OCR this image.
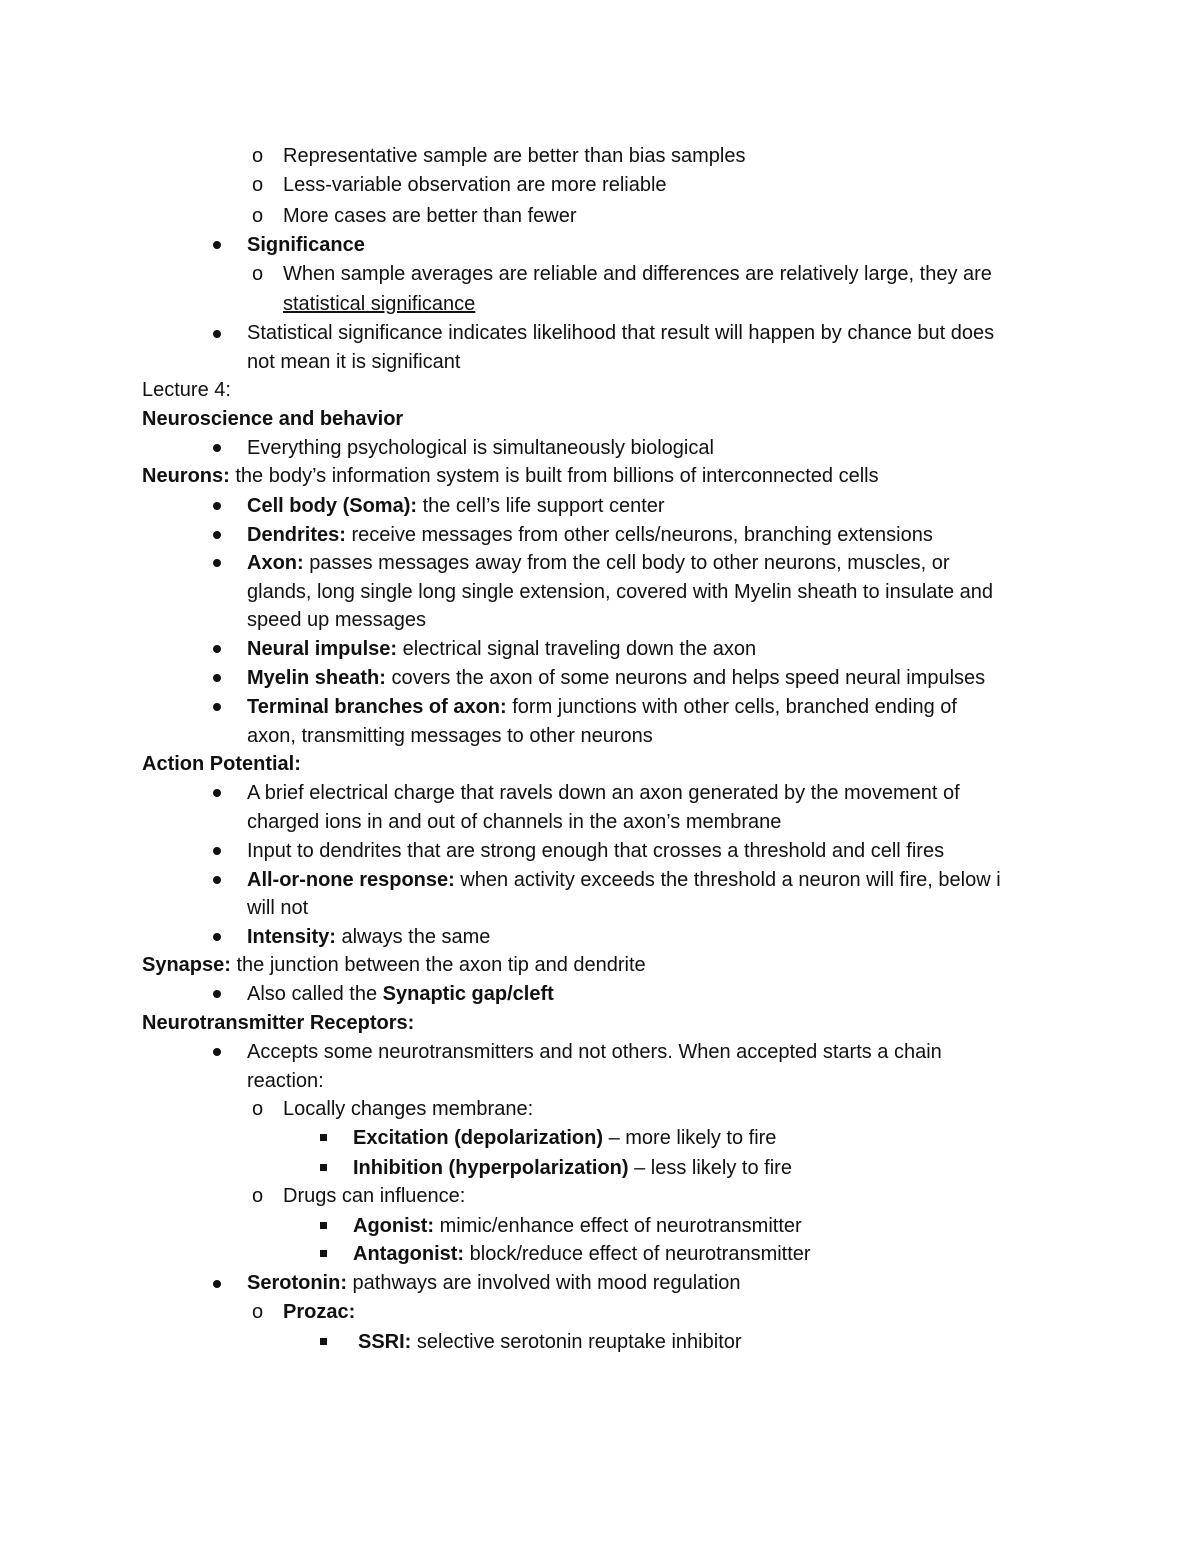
o Representative sample are better than bias samples
o Less-variable observation are more reliable
o More cases are better than fewer
Significance
o When sample averages are reliable and differences are relatively large, they are
statistical significance
Statistical significance indicates likelihood that result will happen by chance but does
not mean it is significant
Lecture 4:
Neuroscience and behavior
Everything psychological is simultaneously biological
Neurons: the body’s information system is built from billions of interconnected cells
Cell body (Soma): the cell’s life support center
Dendrites: receive messages from other cells/neurons, branching extensions
Axon: passes messages away from the cell body to other neurons, muscles, or
glands, long single long single extension, covered with Myelin sheath to insulate and
speed up messages
Neural impulse: electrical signal traveling down the axon
Myelin sheath: covers the axon of some neurons and helps speed neural impulses
Terminal branches of axon: form junctions with other cells, branched ending of
axon, transmitting messages to other neurons
Action Potential:
A brief electrical charge that ravels down an axon generated by the movement of
charged ions in and out of channels in the axon’s membrane
Input to dendrites that are strong enough that crosses a threshold and cell fires
All-or-none response: when activity exceeds the threshold a neuron will fire, below i
will not
Intensity: always the same
Synapse: the junction between the axon tip and dendrite
Also called the Synaptic gap/cleft
Neurotransmitter Receptors:
Accepts some neurotransmitters and not others. When accepted starts a chain
reaction:
o Locally changes membrane:
Excitation (depolarization) – more likely to fire
Inhibition (hyperpolarization) – less likely to fire
o Drugs can influence:
Agonist: mimic/enhance effect of neurotransmitter
Antagonist: block/reduce effect of neurotransmitter
Serotonin: pathways are involved with mood regulation
o Prozac:
SSRI: selective serotonin reuptake inhibitor
